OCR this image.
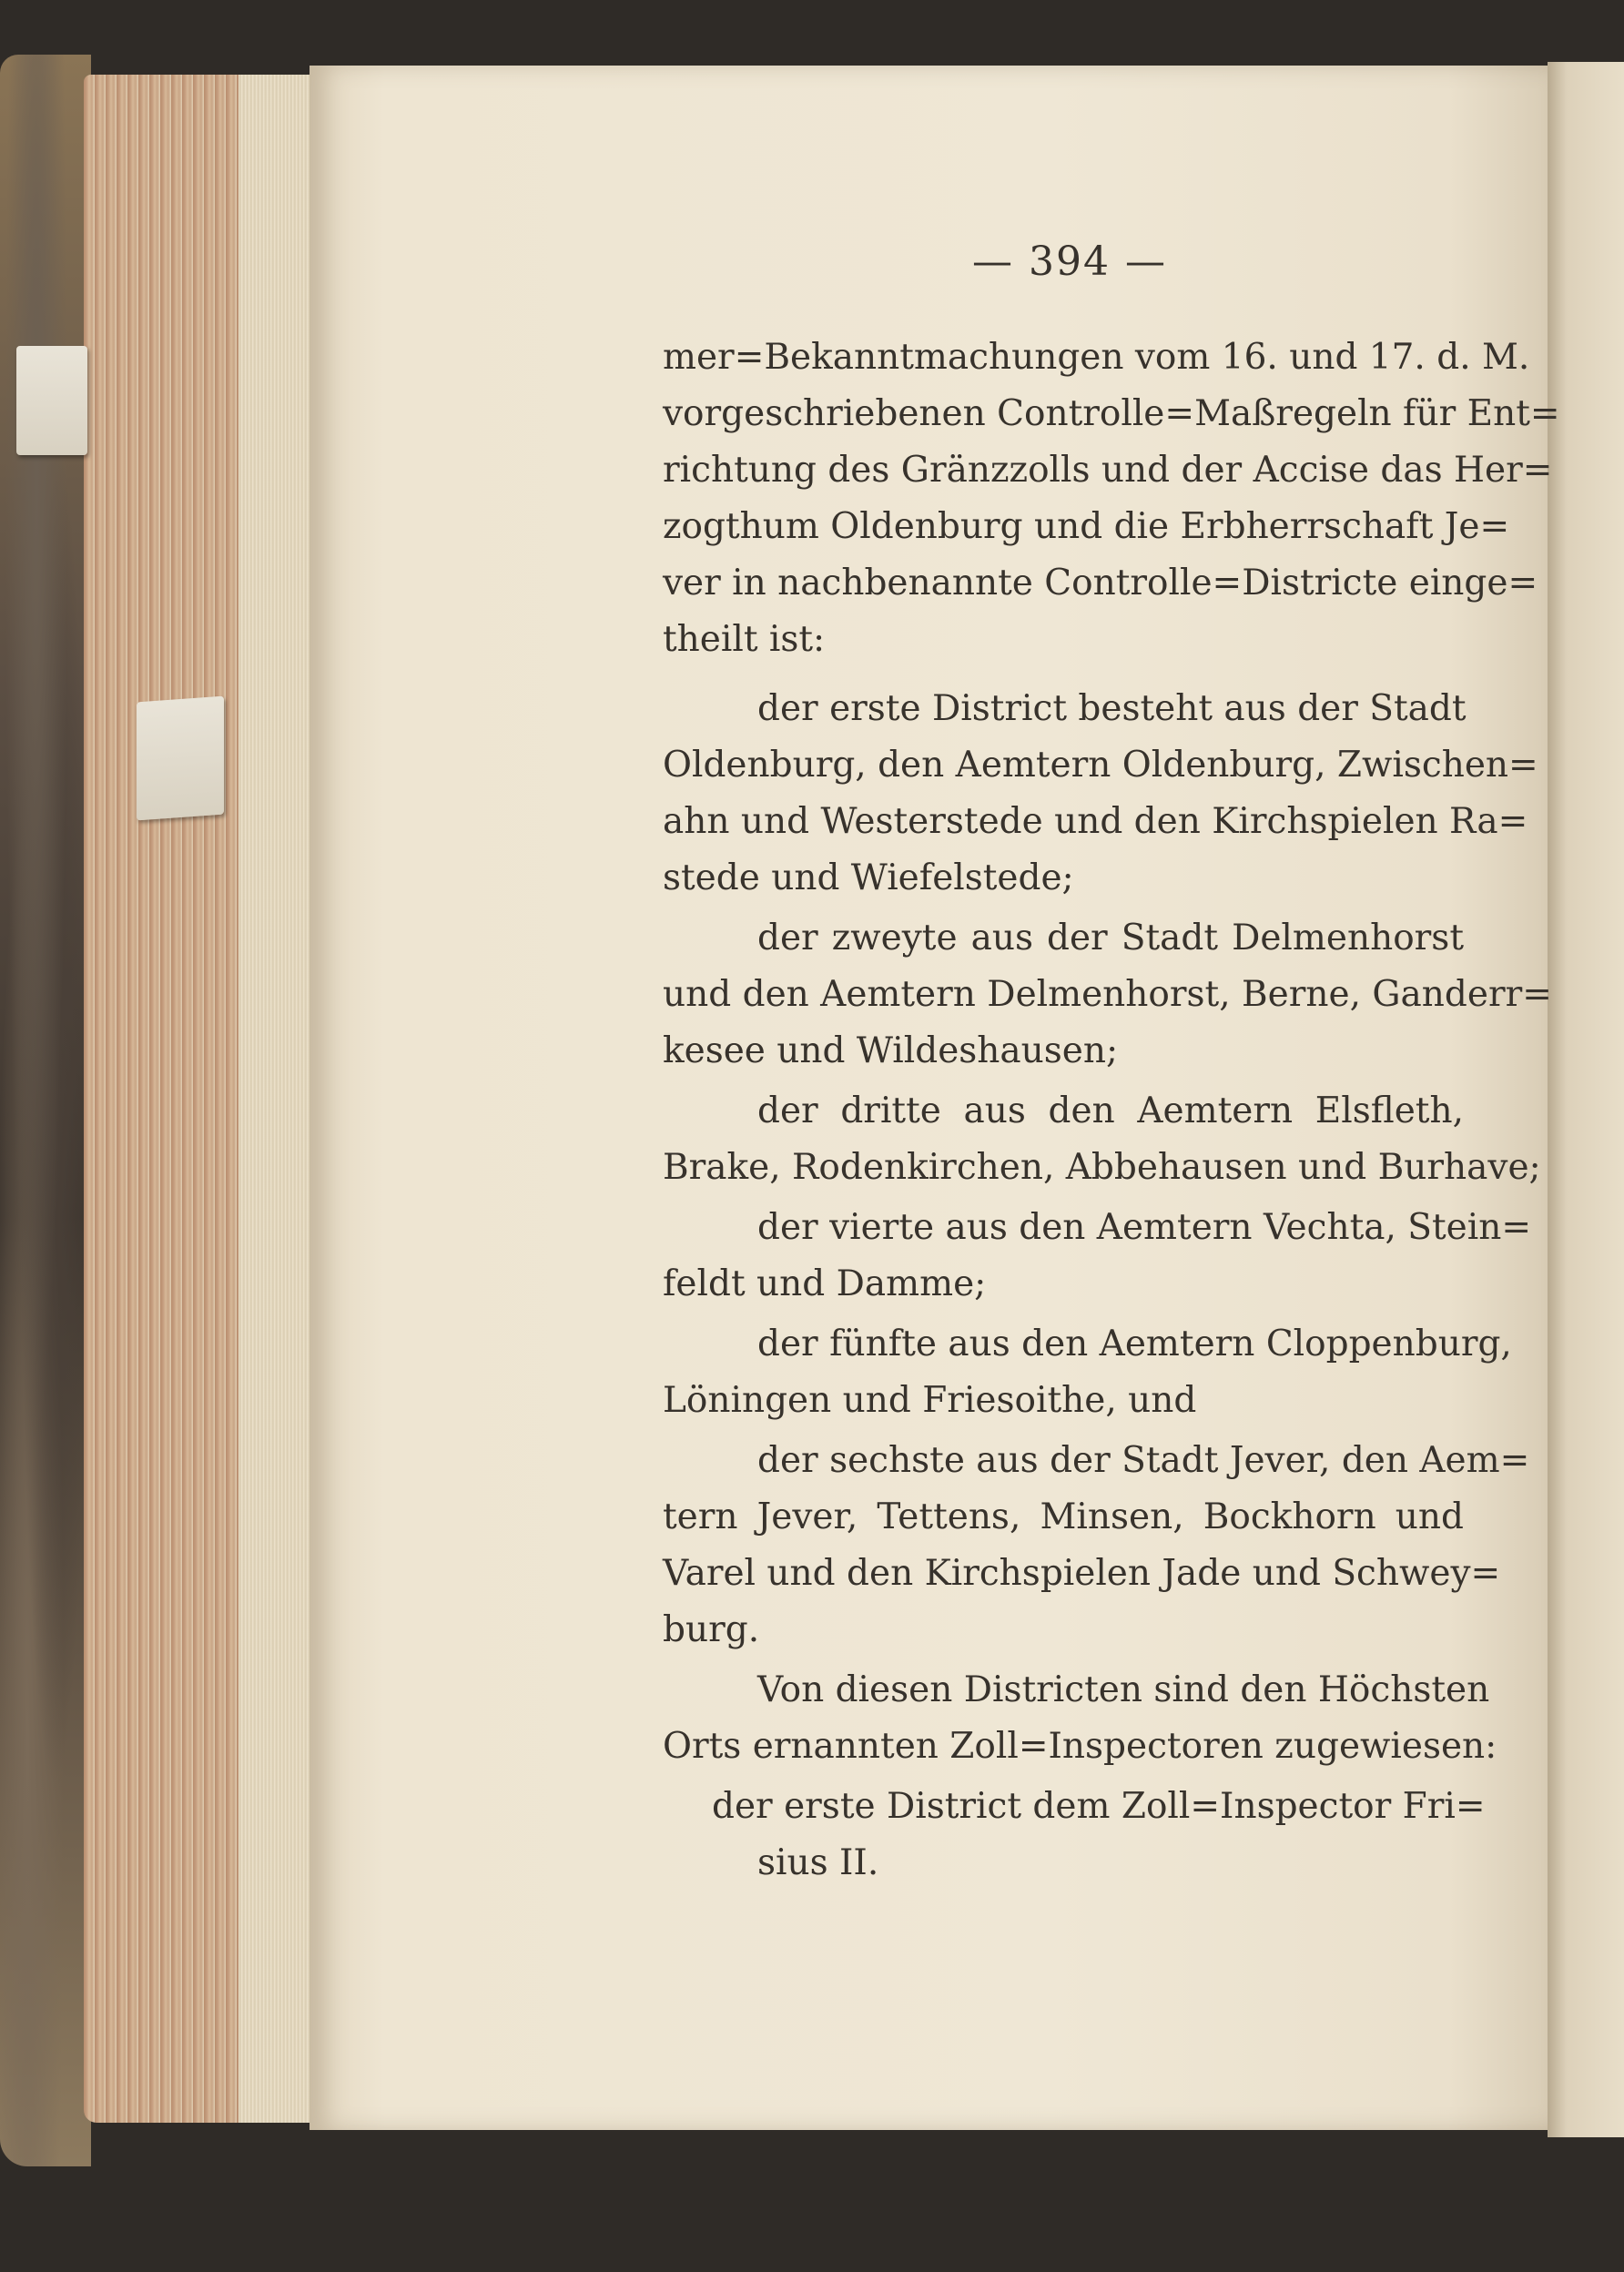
— 394 —
mer=Bekanntmachungen vom 16. und 17. d. M.
vorgeschriebenen Controlle=Maßregeln für Ent=
richtung des Gränzzolls und der Accise das Her=
zogthum Oldenburg und die Erbherrschaft Je=
ver in nachbenannte Controlle=Districte einge=
theilt ist:
der erste District besteht aus der Stadt
Oldenburg, den Aemtern Oldenburg, Zwischen=
ahn und Westerstede und den Kirchspielen Ra=
stede und Wiefelstede;
der zweyte aus der Stadt Delmenhorst
und den Aemtern Delmenhorst, Berne, Ganderr=
kesee und Wildeshausen;
der dritte aus den Aemtern Elsfleth,
Brake, Rodenkirchen, Abbehausen und Burhave;
der vierte aus den Aemtern Vechta, Stein=
feldt und Damme;
der fünfte aus den Aemtern Cloppenburg,
Löningen und Friesoithe, und
der sechste aus der Stadt Jever, den Aem=
tern Jever, Tettens, Minsen, Bockhorn und
Varel und den Kirchspielen Jade und Schwey=
burg.
Von diesen Districten sind den Höchsten
Orts ernannten Zoll=Inspectoren zugewiesen:
der erste District dem Zoll=Inspector Fri=
sius II.
